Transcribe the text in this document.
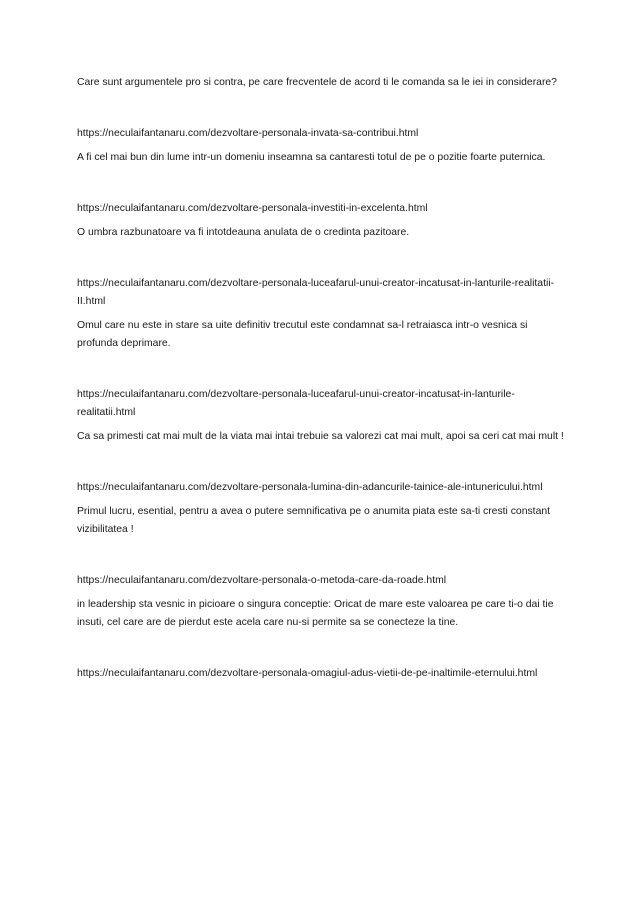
Care sunt argumentele pro si contra, pe care frecventele de acord ti le comanda sa le iei in considerare?

https://neculaifantanaru.com/dezvoltare-personala-invata-sa-contribui.html

A fi cel mai bun din lume intr-un domeniu inseamna sa cantaresti totul de pe o pozitie foarte puternica.

https://neculaifantanaru.com/dezvoltare-personala-investiti-in-excelenta.html

O umbra razbunatoare va fi intotdeauna anulata de o credinta pazitoare.

https://neculaifantanaru.com/dezvoltare-personala-luceafarul-unui-creator-incatusat-in-lanturile-realitatii-II.html

Omul care nu este in stare sa uite definitiv trecutul este condamnat sa-l retraiasca intr-o vesnica si profunda deprimare.

https://neculaifantanaru.com/dezvoltare-personala-luceafarul-unui-creator-incatusat-in-lanturile-realitatii.html

Ca sa primesti cat mai mult de la viata mai intai trebuie sa valorezi cat mai mult, apoi sa ceri cat mai mult !

https://neculaifantanaru.com/dezvoltare-personala-lumina-din-adancurile-tainice-ale-intunericului.html

Primul lucru, esential, pentru a avea o putere semnificativa pe o anumita piata este sa-ti cresti constant vizibilitatea !

https://neculaifantanaru.com/dezvoltare-personala-o-metoda-care-da-roade.html

in leadership sta vesnic in picioare o singura conceptie: Oricat de mare este valoarea pe care ti-o dai tie insuti, cel care are de pierdut este acela care nu-si permite sa se conecteze la tine.

https://neculaifantanaru.com/dezvoltare-personala-omagiul-adus-vietii-de-pe-inaltimile-eternului.html
